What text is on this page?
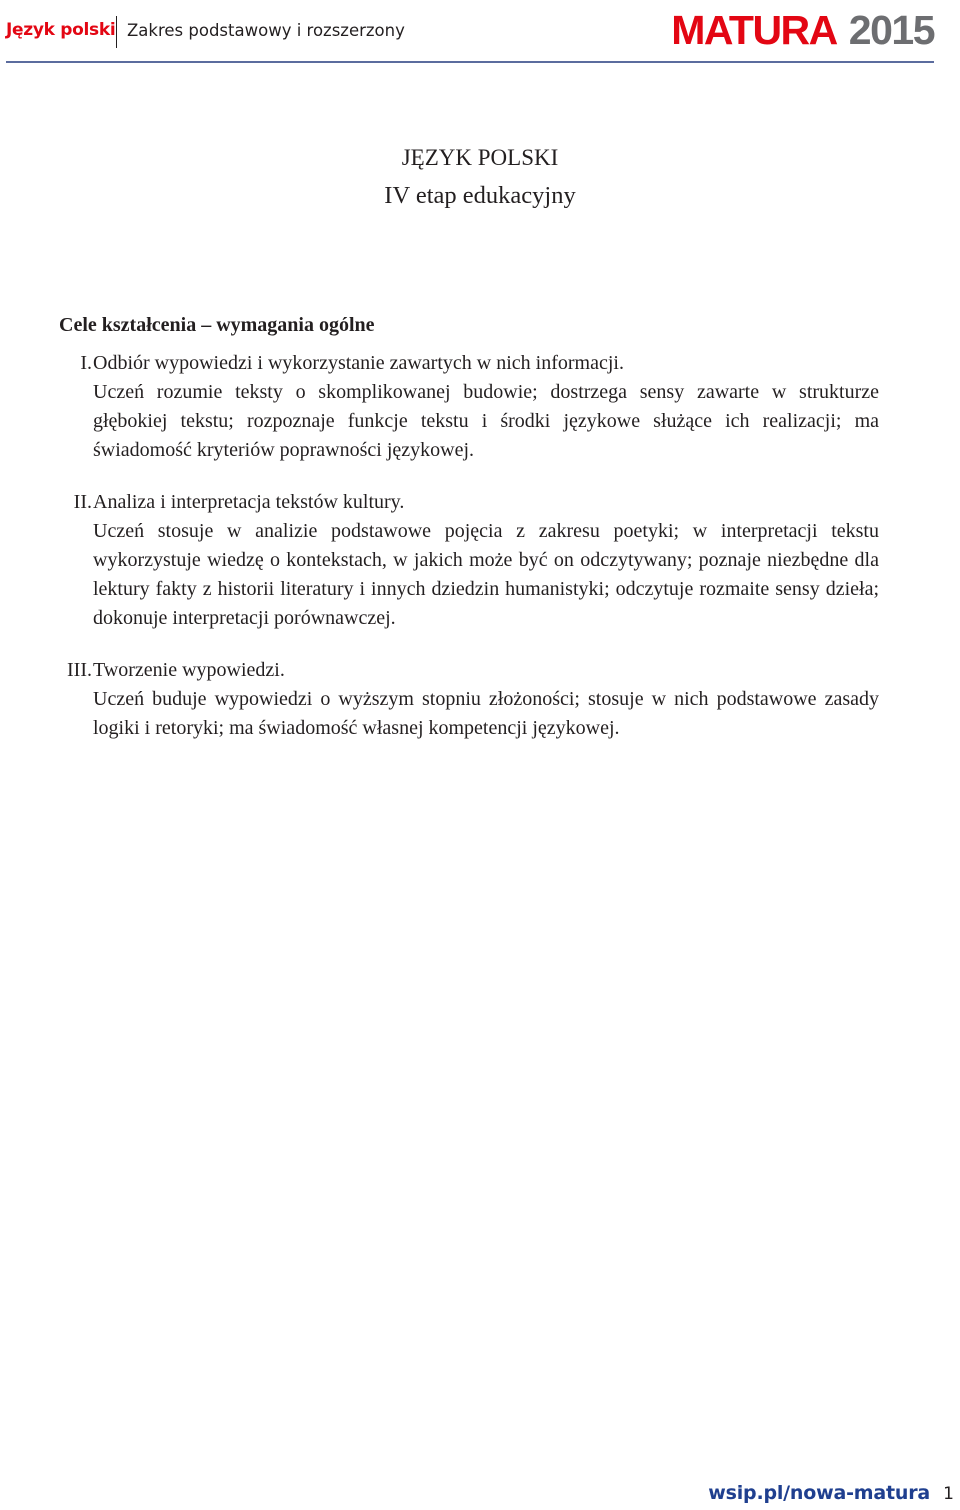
Język polski Zakres podstawowy i rozszerzony	MATURA 2015
JĘZYK POLSKI
IV etap edukacyjny
Cele kształcenia – wymagania ogólne
I. Odbiór wypowiedzi i wykorzystanie zawartych w nich informacji.
Uczeń rozumie teksty o skomplikowanej budowie; dostrzega sensy zawarte w strukturze głębokiej tekstu; rozpoznaje funkcje tekstu i środki językowe służące ich realizacji; ma świadomość kryteriów poprawności językowej.
II. Analiza i interpretacja tekstów kultury.
Uczeń stosuje w analizie podstawowe pojęcia z zakresu poetyki; w interpretacji tekstu wykorzystuje wiedzę o kontekstach, w jakich może być on odczytywany; poznaje niezbędne dla lektury fakty z historii literatury i innych dziedzin humanistyki; odczytuje rozmaite sensy dzieła; dokonuje interpretacji porównawczej.
III. Tworzenie wypowiedzi.
Uczeń buduje wypowiedzi o wyższym stopniu złożoności; stosuje w nich podstawowe zasady logiki i retoryki; ma świadomość własnej kompetencji językowej.
wsip.pl/nowa-matura 1
